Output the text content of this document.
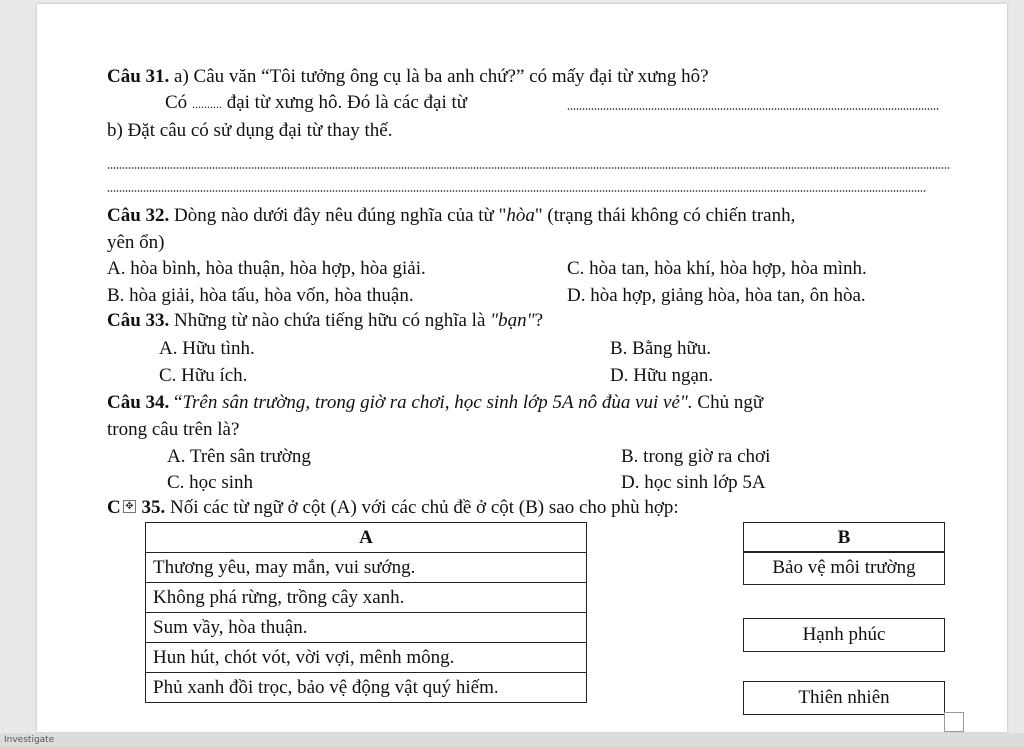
Câu 31. a) Câu văn “Tôi tưởng ông cụ là ba anh chứ?” có mấy đại từ xưng hô?
Có .......... đại từ xưng hô. Đó là các đại từ
b) Đặt câu có sử dụng đại từ thay thế.
Câu 32. Dòng nào dưới đây nêu đúng nghĩa của từ "hòa" (trạng thái không có chiến tranh,
yên ổn)
A. hòa bình, hòa thuận, hòa hợp, hòa giải.	C. hòa tan, hòa khí, hòa hợp, hòa mình.
B. hòa giải, hòa tấu, hòa vốn, hòa thuận.	D. hòa hợp, giảng hòa, hòa tan, ôn hòa.
Câu 33. Những từ nào chứa tiếng hữu có nghĩa là "bạn"?
A. Hữu tình.	B. Bằng hữu.
C. Hữu ích.	D. Hữu ngạn.
Câu 34. “Trên sân trường, trong giờ ra chơi, học sinh lớp 5A nô đùa vui vẻ". Chủ ngữ
trong câu trên là?
A. Trên sân trường	B. trong giờ ra chơi
C. học sinh	D. học sinh lớp 5A
C 35. Nối các từ ngữ ở cột (A) với các chủ đề ở cột (B) sao cho phù hợp:
✥
A
Thương yêu, may mắn, vui sướng.
Không phá rừng, trồng cây xanh.
Sum vầy, hòa thuận.
Hun hút, chót vót, vời vợi, mênh mông.
Phủ xanh đồi trọc, bảo vệ động vật quý hiếm.
B
Bảo vệ môi trường
Hạnh phúc
Thiên nhiên
Investigate
